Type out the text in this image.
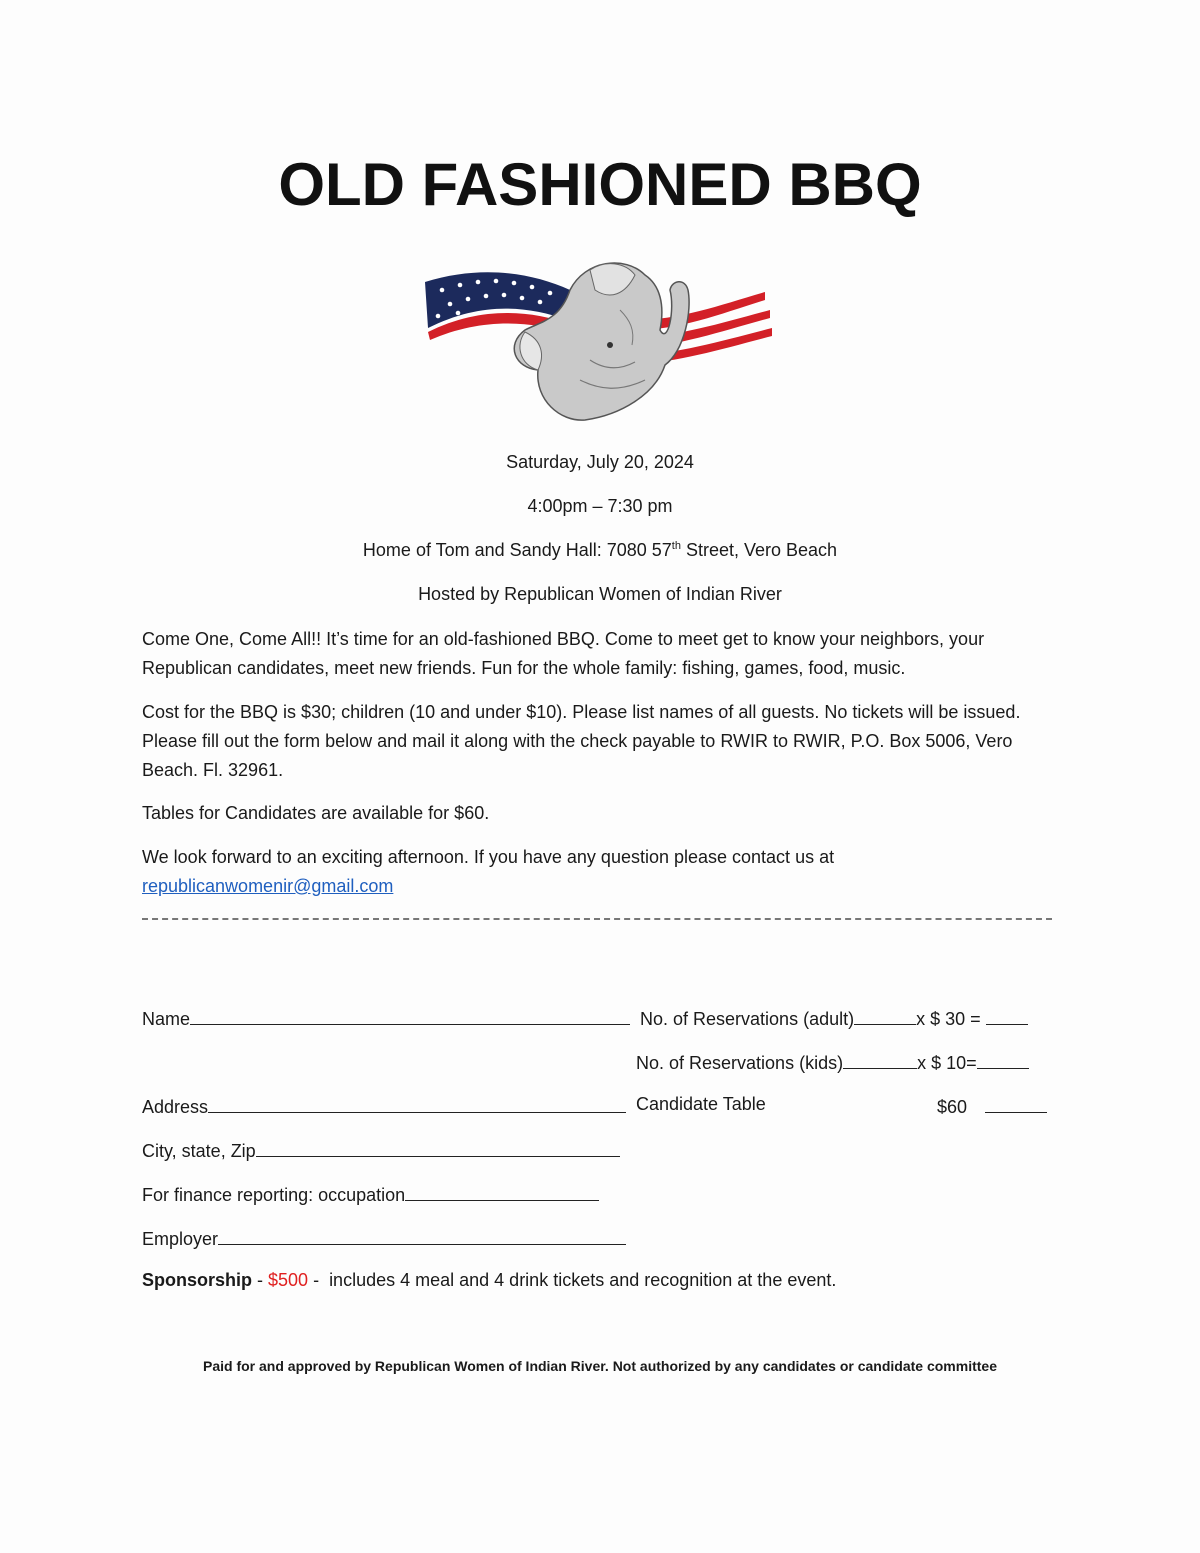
OLD FASHIONED BBQ
Saturday, July 20, 2024
4:00pm – 7:30 pm
Home of Tom and Sandy Hall: 7080 57th Street, Vero Beach
Hosted by Republican Women of Indian River
Come One, Come All!! It’s time for an old-fashioned BBQ. Come to meet get to know your neighbors, your Republican candidates, meet new friends. Fun for the whole family: fishing, games, food, music.
Cost for the BBQ is $30; children (10 and under $10). Please list names of all guests. No tickets will be issued. Please fill out the form below and mail it along with the check payable to RWIR to RWIR, P.O. Box 5006, Vero Beach. Fl. 32961.
Tables for Candidates are available for $60.
We look forward to an exciting afternoon. If you have any question please contact us at
republicanwomenir@gmail.com
Name	No. of Reservations (adult)	x $ 30 =
No. of Reservations (kids)	x $ 10=
Address	Candidate Table	$60
City, state, Zip
For finance reporting: occupation
Employer
Sponsorship - $500 -  includes 4 meal and 4 drink tickets and recognition at the event.
Paid for and approved by Republican Women of Indian River. Not authorized by any candidates or candidate committee
